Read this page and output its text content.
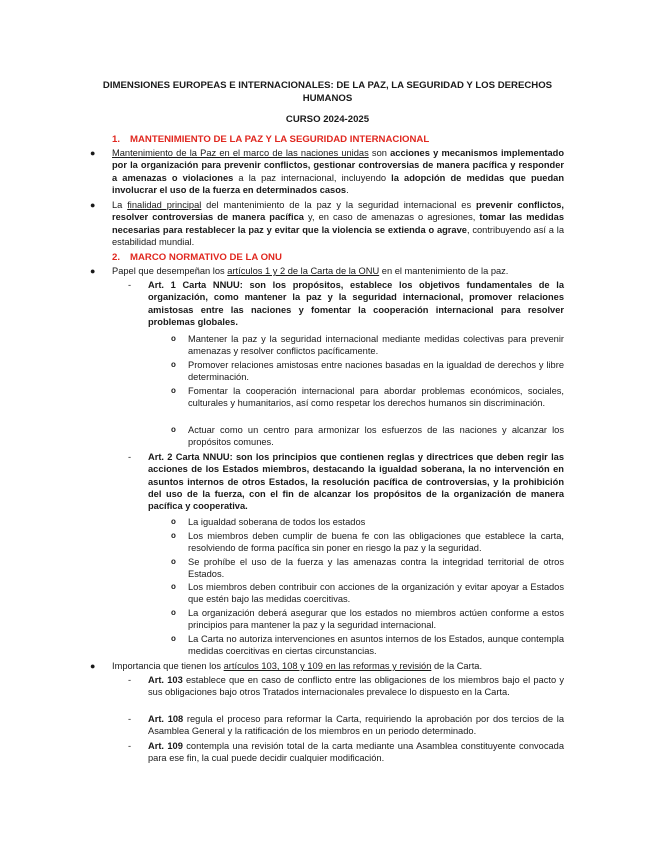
DIMENSIONES EUROPEAS E INTERNACIONALES: DE LA PAZ, LA SEGURIDAD Y LOS DERECHOS HUMANOS
CURSO 2024-2025
1. MANTENIMIENTO DE LA PAZ Y LA SEGURIDAD INTERNACIONAL
● Mantenimiento de la Paz en el marco de las naciones unidas son acciones y mecanismos implementado por la organización para prevenir conflictos, gestionar controversias de manera pacífica y responder a amenazas o violaciones a la paz internacional, incluyendo la adopción de medidas que puedan involucrar el uso de la fuerza en determinados casos.
● La finalidad principal del mantenimiento de la paz y la seguridad internacional es prevenir conflictos, resolver controversias de manera pacífica y, en caso de amenazas o agresiones, tomar las medidas necesarias para restablecer la paz y evitar que la violencia se extienda o agrave, contribuyendo así a la estabilidad mundial.
2. MARCO NORMATIVO DE LA ONU
● Papel que desempeñan los artículos 1 y 2 de la Carta de la ONU en el mantenimiento de la paz.
- Art. 1 Carta NNUU: son los propósitos, establece los objetivos fundamentales de la organización, como mantener la paz y la seguridad internacional, promover relaciones amistosas entre las naciones y fomentar la cooperación internacional para resolver problemas globales.
o Mantener la paz y la seguridad internacional mediante medidas colectivas para prevenir amenazas y resolver conflictos pacíficamente.
o Promover relaciones amistosas entre naciones basadas en la igualdad de derechos y libre determinación.
o Fomentar la cooperación internacional para abordar problemas económicos, sociales, culturales y humanitarios, así como respetar los derechos humanos sin discriminación.
o Actuar como un centro para armonizar los esfuerzos de las naciones y alcanzar los propósitos comunes.
- Art. 2 Carta NNUU: son los principios que contienen reglas y directrices que deben regir las acciones de los Estados miembros, destacando la igualdad soberana, la no intervención en asuntos internos de otros Estados, la resolución pacífica de controversias, y la prohibición del uso de la fuerza, con el fin de alcanzar los propósitos de la organización de manera pacífica y cooperativa.
o La igualdad soberana de todos los estados
o Los miembros deben cumplir de buena fe con las obligaciones que establece la carta, resolviendo de forma pacífica sin poner en riesgo la paz y la seguridad.
o Se prohíbe el uso de la fuerza y las amenazas contra la integridad territorial de otros Estados.
o Los miembros deben contribuir con acciones de la organización y evitar apoyar a Estados que estén bajo las medidas coercitivas.
o La organización deberá asegurar que los estados no miembros actúen conforme a estos principios para mantener la paz y la seguridad internacional.
o La Carta no autoriza intervenciones en asuntos internos de los Estados, aunque contempla medidas coercitivas en ciertas circunstancias.
● Importancia que tienen los artículos 103, 108 y 109 en las reformas y revisión de la Carta.
- Art. 103 establece que en caso de conflicto entre las obligaciones de los miembros bajo el pacto y sus obligaciones bajo otros Tratados internacionales prevalece lo dispuesto en la Carta.
- Art. 108 regula el proceso para reformar la Carta, requiriendo la aprobación por dos tercios de la Asamblea General y la ratificación de los miembros en un periodo determinado.
- Art. 109 contempla una revisión total de la carta mediante una Asamblea constituyente convocada para ese fin, la cual puede decidir cualquier modificación.
